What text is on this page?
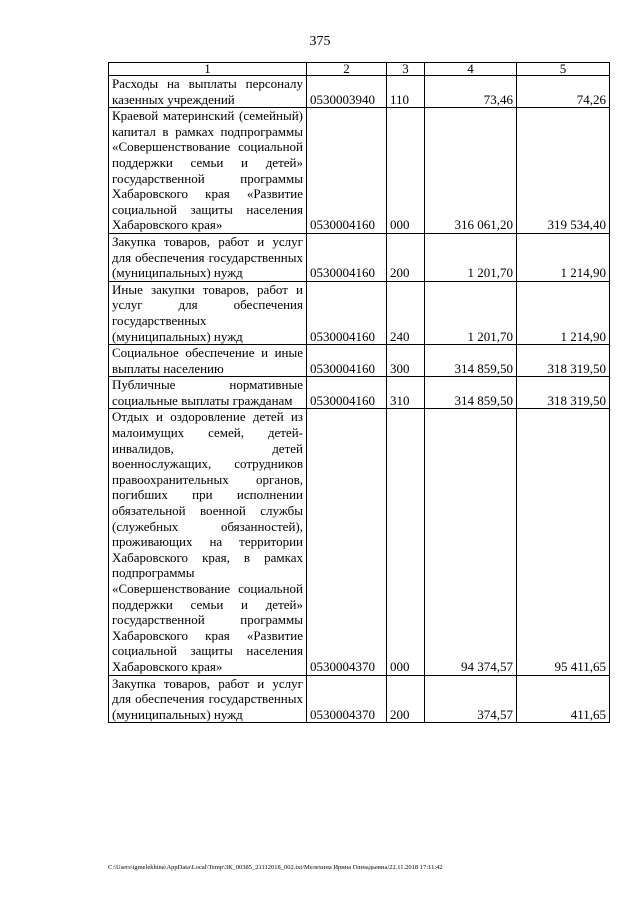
375
1	2	3	4	5
Расходы на выплаты персоналу казенных учреждений	0530003940	110	73,46	74,26
Краевой материнский (семейный) капитал в рамках подпрограммы «Совершенствование социальной поддержки семьи и детей» государственной программы Хабаровского края «Развитие социальной защиты населения Хабаровского края»	0530004160	000	316 061,20	319 534,40
Закупка товаров, работ и услуг для обеспечения государственных (муниципальных) нужд	0530004160	200	1 201,70	1 214,90
Иные закупки товаров, работ и услуг для обеспечения государственных (муниципальных) нужд	0530004160	240	1 201,70	1 214,90
Социальное обеспечение и иные выплаты населению	0530004160	300	314 859,50	318 319,50
Публичные нормативные социальные выплаты гражданам	0530004160	310	314 859,50	318 319,50
Отдых и оздоровление детей из малоимущих семей, детей-инвалидов, детей военнослужащих, сотрудников правоохранительных органов, погибших при исполнении обязательной военной службы (служебных обязанностей), проживающих на территории Хабаровского края, в рамках подпрограммы «Совершенствование социальной поддержки семьи и детей» государственной программы Хабаровского края «Развитие социальной защиты населения Хабаровского края»	0530004370	000	94 374,57	95 411,65
Закупка товаров, работ и услуг для обеспечения государственных (муниципальных) нужд	0530004370	200	374,57	411,65
C:\Users\igmelekhina\AppData\Local\Temp\ЗК_00385_21112018_002.txt/Мелехина Ирина Геннадьевна/22.11.2018 17:11:42
